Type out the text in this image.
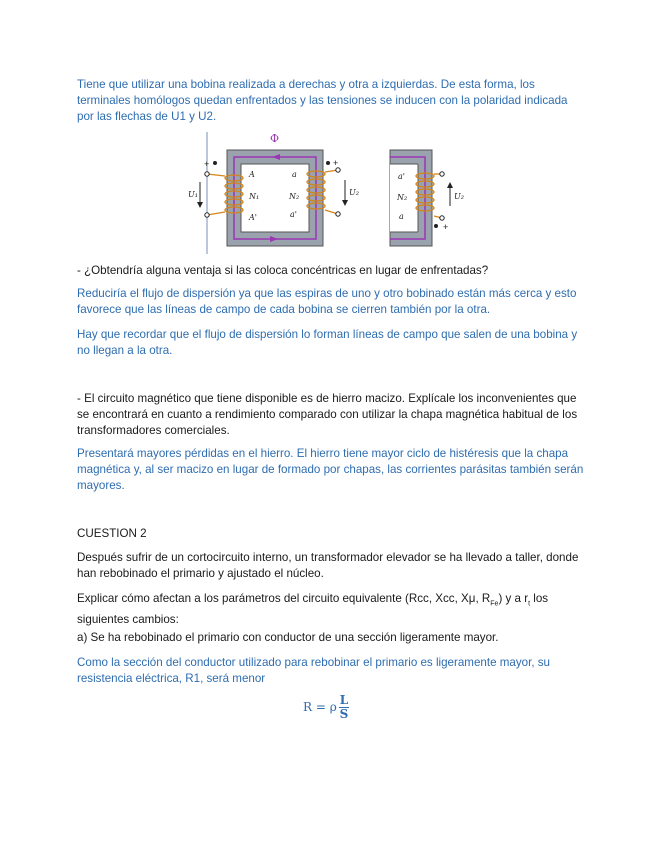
Tiene que utilizar una bobina realizada a derechas y otra a izquierdas. De esta forma, los terminales homólogos quedan enfrentados y las tensiones se inducen con la polaridad indicada por las flechas de U1 y U2.

Φ
+	+
A
A'
N₁
a
a'
N₂
U₁	U₂
+
a'
a
N₂	U₂

- ¿Obtendría alguna ventaja si las coloca concéntricas en lugar de enfrentadas?

Reduciría el flujo de dispersión ya que las espiras de uno y otro bobinado están más cerca y esto favorece que las líneas de campo de cada bobina se cierren también por la otra.

Hay que recordar que el flujo de dispersión lo forman líneas de campo que salen de una bobina y no llegan a la otra.

- El circuito magnético que tiene disponible es de hierro macizo. Explícale los inconvenientes que se encontrará en cuanto a rendimiento comparado con utilizar la chapa magnética habitual de los transformadores comerciales.

Presentará mayores pérdidas en el hierro. El hierro tiene mayor ciclo de histéresis que la chapa magnética y, al ser macizo en lugar de formado por chapas, las corrientes parásitas también serán mayores.

CUESTION 2

Después sufrir de un cortocircuito interno, un transformador elevador se ha llevado a taller, donde han rebobinado el primario y ajustado el núcleo.

Explicar cómo afectan a los parámetros del circuito equivalente (Rcc, Xcc, Xμ, $R_{Fe}$) y a $r_t$ los siguientes cambios:

a) Se ha rebobinado el primario con conductor de una sección ligeramente mayor.

Como la sección del conductor utilizado para rebobinar el primario es ligeramente mayor, su resistencia eléctrica, R1, será menor

R = ρ $\frac{L}{S}$
